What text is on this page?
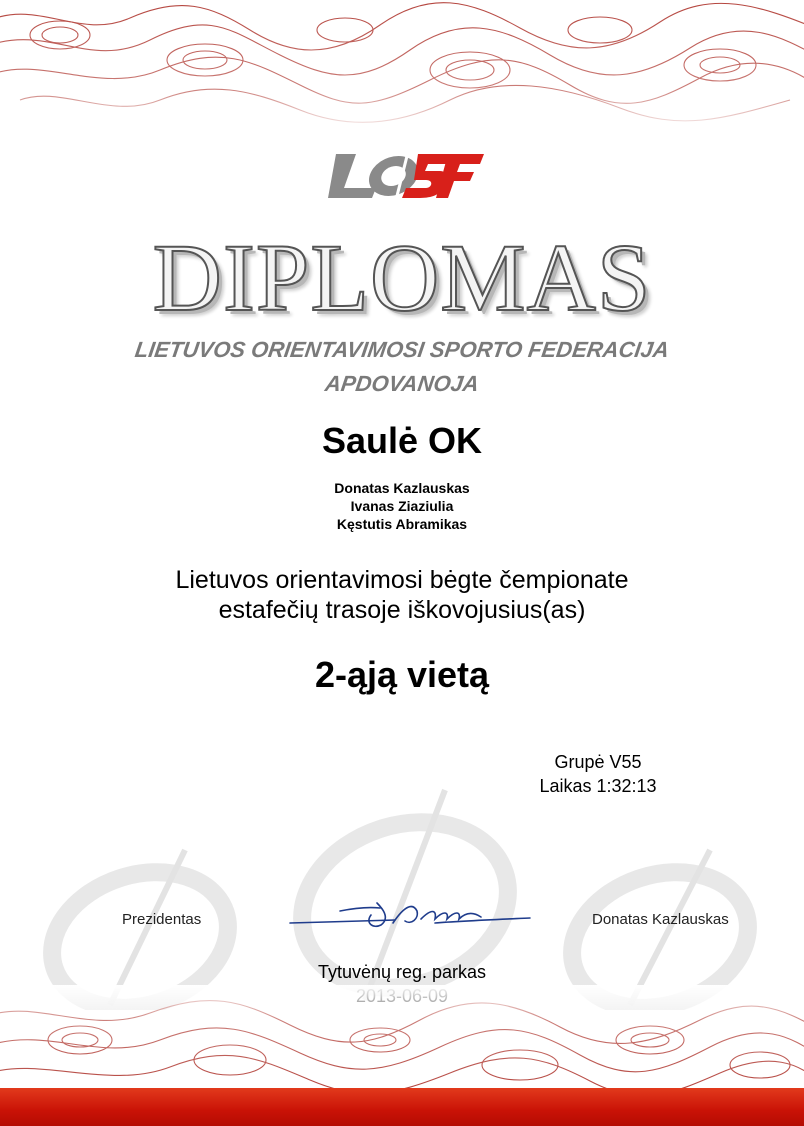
DIPLOMAS
LIETUVOS ORIENTAVIMOSI SPORTO FEDERACIJA
APDOVANOJA
Saulė OK
Donatas Kazlauskas
Ivanas Ziaziulia
Kęstutis Abramikas
Lietuvos orientavimosi bėgte čempionate
estafečių trasoje iškovojusius(as)
2-ąją vietą
Grupė V55
Laikas 1:32:13
Prezidentas	Donatas Kazlauskas
Tytuvėnų reg. parkas
